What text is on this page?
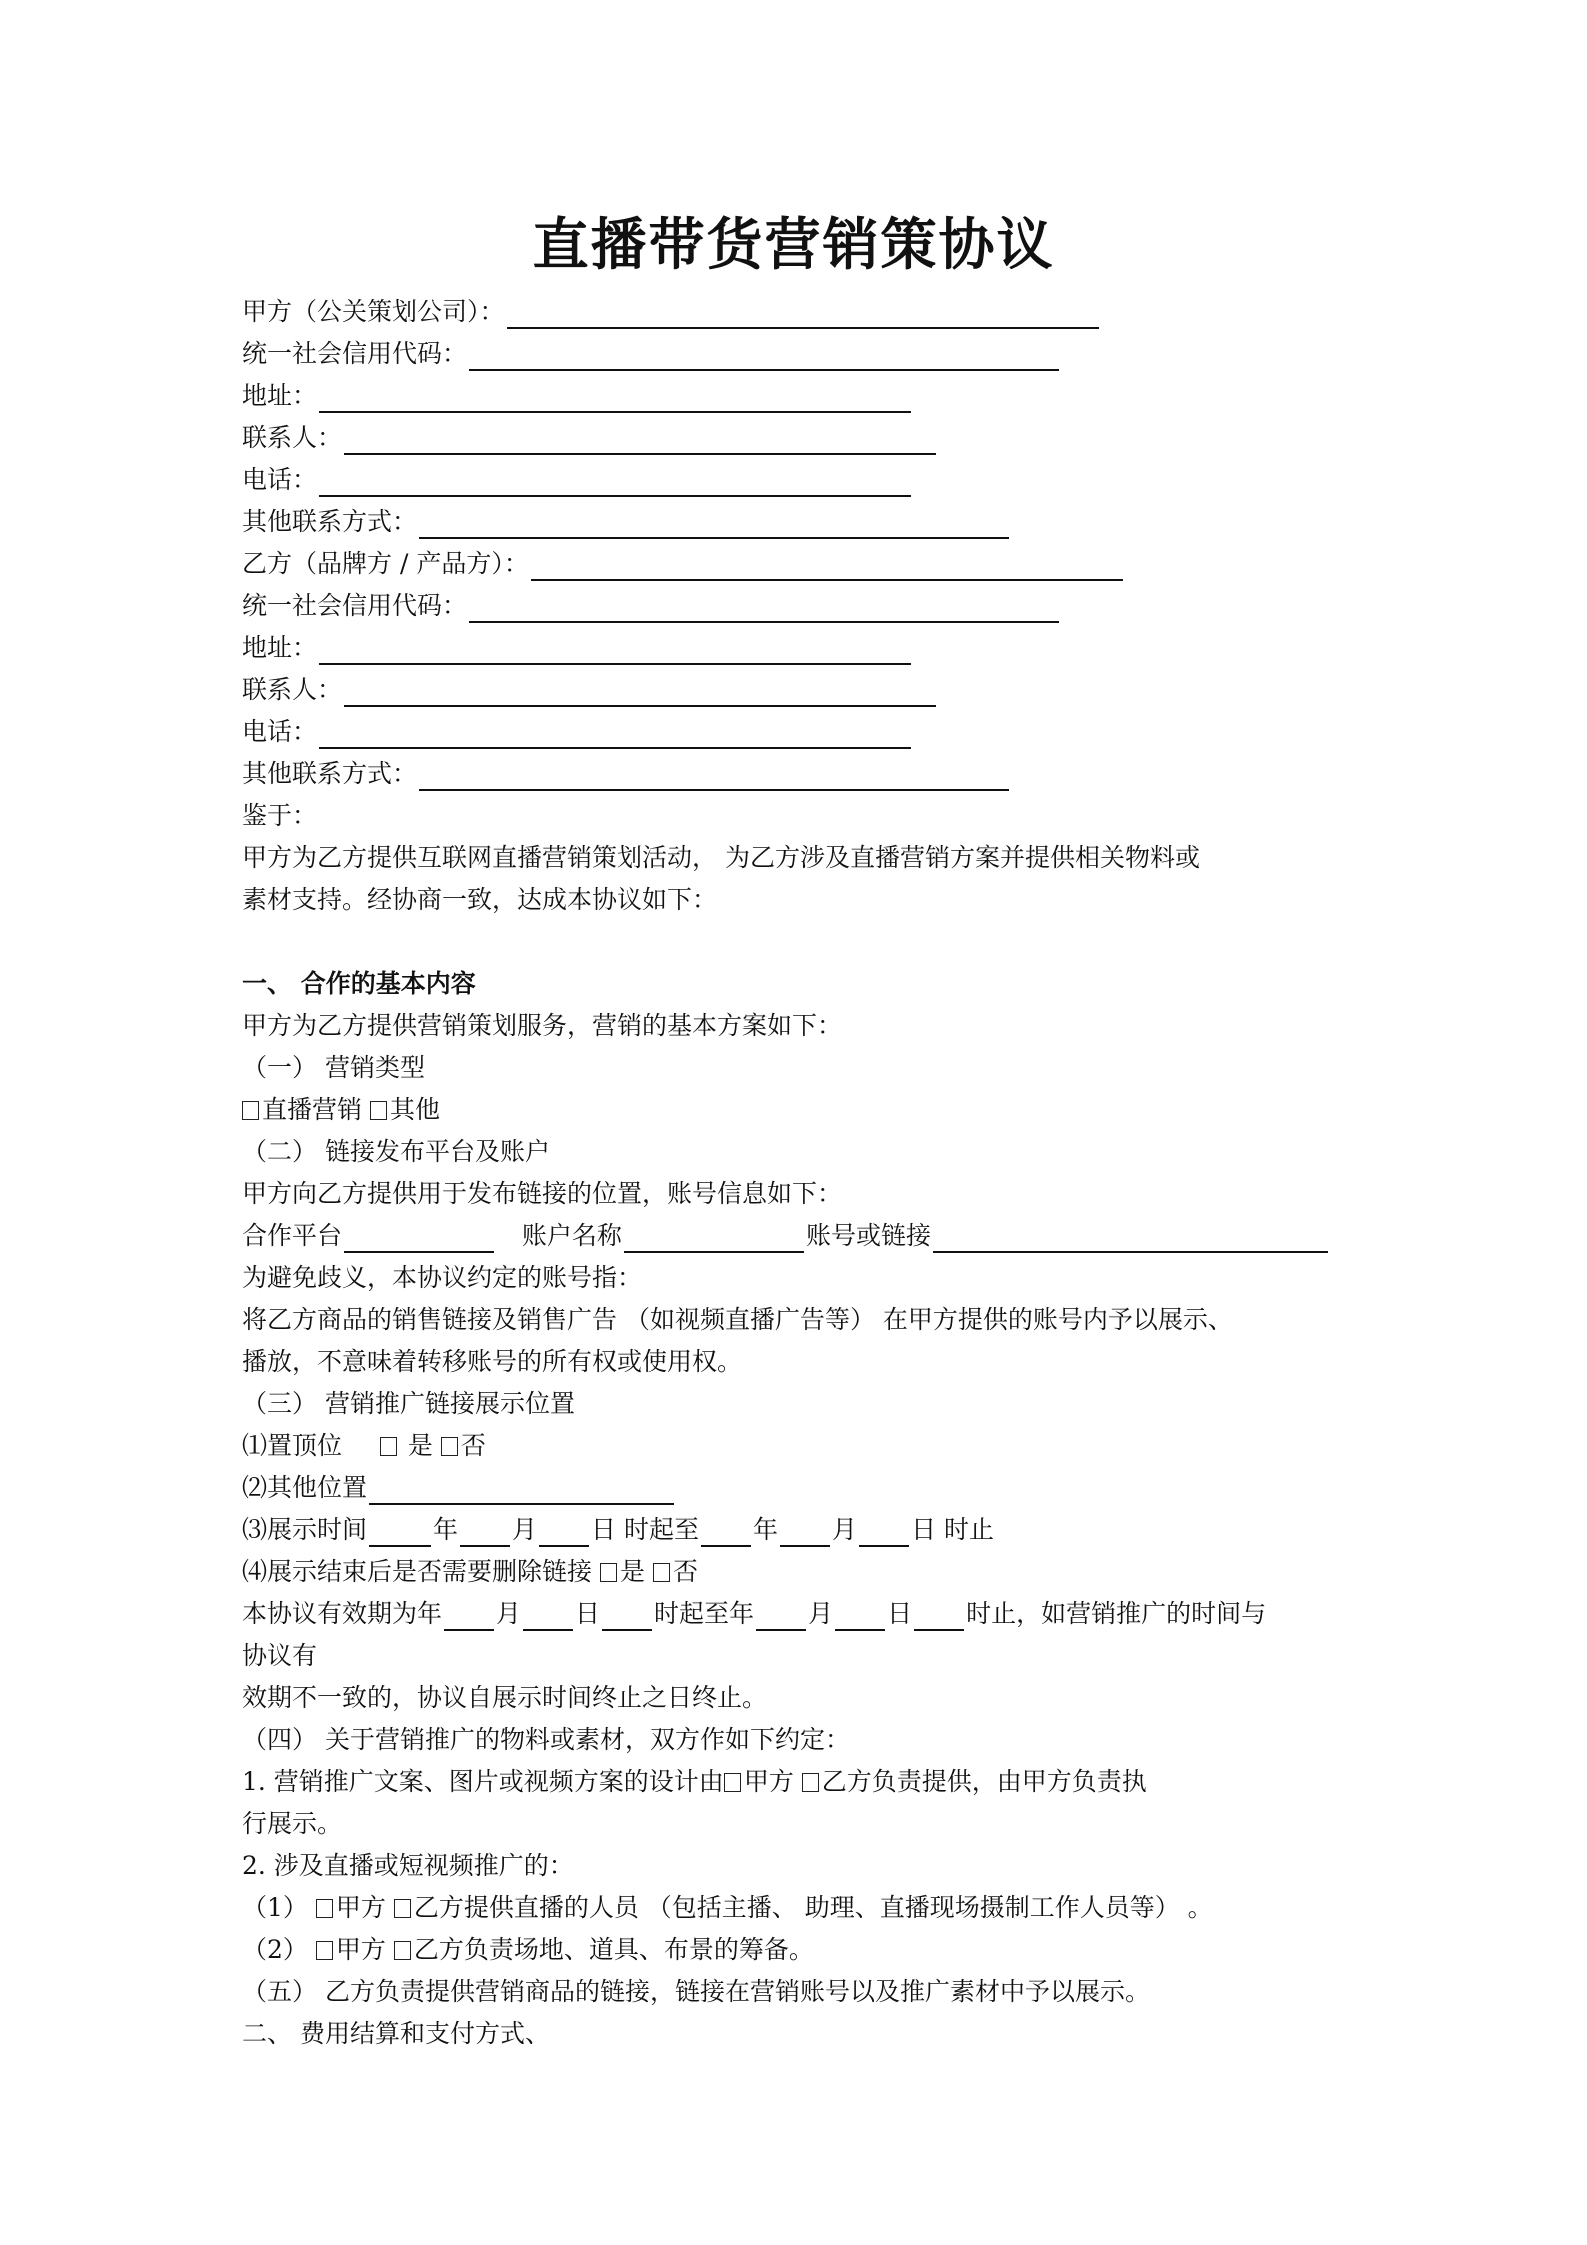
直播带货营销策协议
甲方（公关策划公司）：
统一社会信用代码：
地址：
联系人：
电话：
其他联系方式：
乙方（品牌方 / 产品方）：
统一社会信用代码：
地址：
联系人：
电话：
其他联系方式：
鉴于：
甲方为乙方提供互联网直播营销策划活动， 为乙方涉及直播营销方案并提供相关物料或
素材支持。经协商一致，达成本协议如下：
一、 合作的基本内容
甲方为乙方提供营销策划服务，营销的基本方案如下：
（一） 营销类型
直播营销 其他
（二） 链接发布平台及账户
甲方向乙方提供用于发布链接的位置，账号信息如下：
合作平台	账户名称	账号或链接
为避免歧义，本协议约定的账号指：
将乙方商品的销售链接及销售广告 （如视频直播广告等） 在甲方提供的账号内予以展示、
播放，不意味着转移账号的所有权或使用权。
（三） 营销推广链接展示位置
⑴置顶位	是 否
⑵其他位置
⑶展示时间	年 月 日 时起至 年 月 日 时止
⑷展示结束后是否需要删除链接 是 否
本协议有效期为年 月 日 时起至年 月 日 时止，如营销推广的时间与
协议有
效期不一致的，协议自展示时间终止之日终止。
（四） 关于营销推广的物料或素材，双方作如下约定：
1. 营销推广文案、图片或视频方案的设计由 甲方 乙方负责提供，由甲方负责执
行展示。
2. 涉及直播或短视频推广的：
（1） 甲方 乙方提供直播的人员 （包括主播、 助理、直播现场摄制工作人员等） 。
（2） 甲方 乙方负责场地、道具、布景的筹备。
（五） 乙方负责提供营销商品的链接，链接在营销账号以及推广素材中予以展示。
二、 费用结算和支付方式、
